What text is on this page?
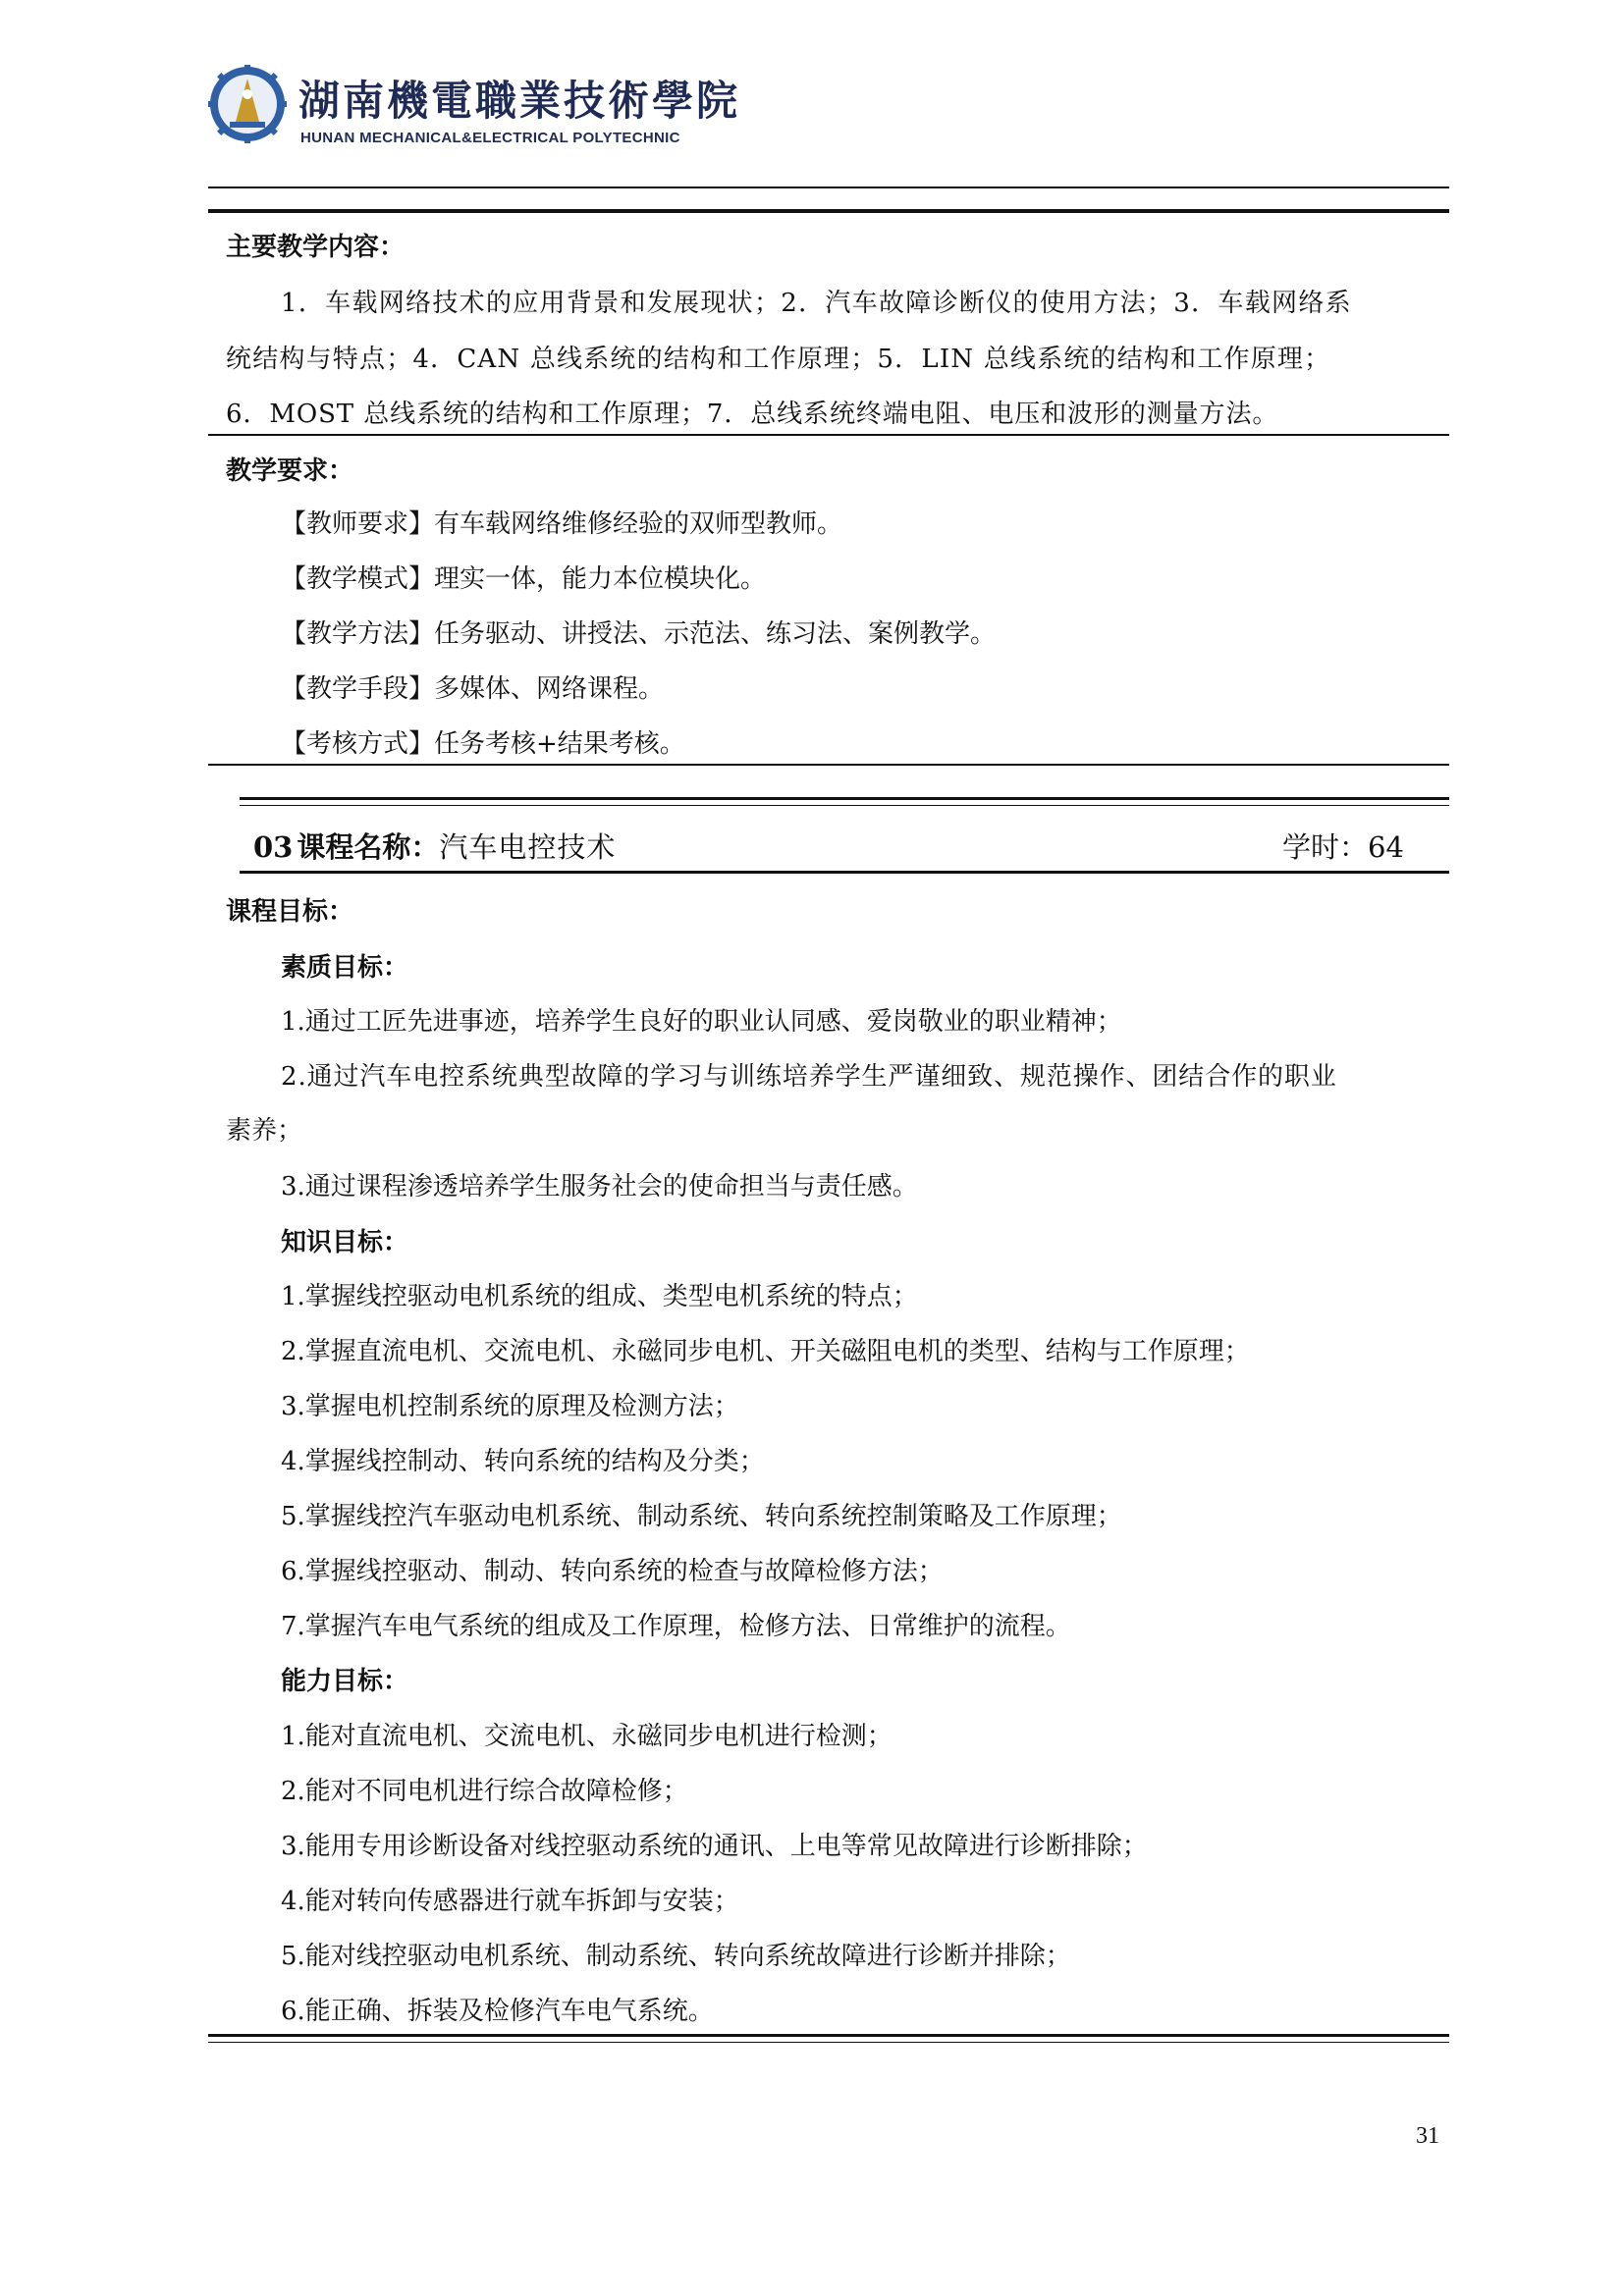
湖南機電職業技術學院
HUNAN MECHANICAL&ELECTRICAL POLYTECHNIC
主要教学内容：
1．车载网络技术的应用背景和发展现状；2．汽车故障诊断仪的使用方法；3．车载网络系
统结构与特点；4．CAN 总线系统的结构和工作原理；5．LIN 总线系统的结构和工作原理；
6．MOST 总线系统的结构和工作原理；7．总线系统终端电阻、电压和波形的测量方法。
教学要求：
【教师要求】有车载网络维修经验的双师型教师。
【教学模式】理实一体，能力本位模块化。
【教学方法】任务驱动、讲授法、示范法、练习法、案例教学。
【教学手段】多媒体、网络课程。
【考核方式】任务考核+结果考核。
03 课程名称：汽车电控技术	学时：64
课程目标：
素质目标：
1.通过工匠先进事迹，培养学生良好的职业认同感、爱岗敬业的职业精神；
2.通过汽车电控系统典型故障的学习与训练培养学生严谨细致、规范操作、团结合作的职业
素养；
3.通过课程渗透培养学生服务社会的使命担当与责任感。
知识目标：
1.掌握线控驱动电机系统的组成、类型电机系统的特点；
2.掌握直流电机、交流电机、永磁同步电机、开关磁阻电机的类型、结构与工作原理；
3.掌握电机控制系统的原理及检测方法；
4.掌握线控制动、转向系统的结构及分类；
5.掌握线控汽车驱动电机系统、制动系统、转向系统控制策略及工作原理；
6.掌握线控驱动、制动、转向系统的检查与故障检修方法；
7.掌握汽车电气系统的组成及工作原理，检修方法、日常维护的流程。
能力目标：
1.能对直流电机、交流电机、永磁同步电机进行检测；
2.能对不同电机进行综合故障检修；
3.能用专用诊断设备对线控驱动系统的通讯、上电等常见故障进行诊断排除；
4.能对转向传感器进行就车拆卸与安装；
5.能对线控驱动电机系统、制动系统、转向系统故障进行诊断并排除；
6.能正确、拆装及检修汽车电气系统。
31
